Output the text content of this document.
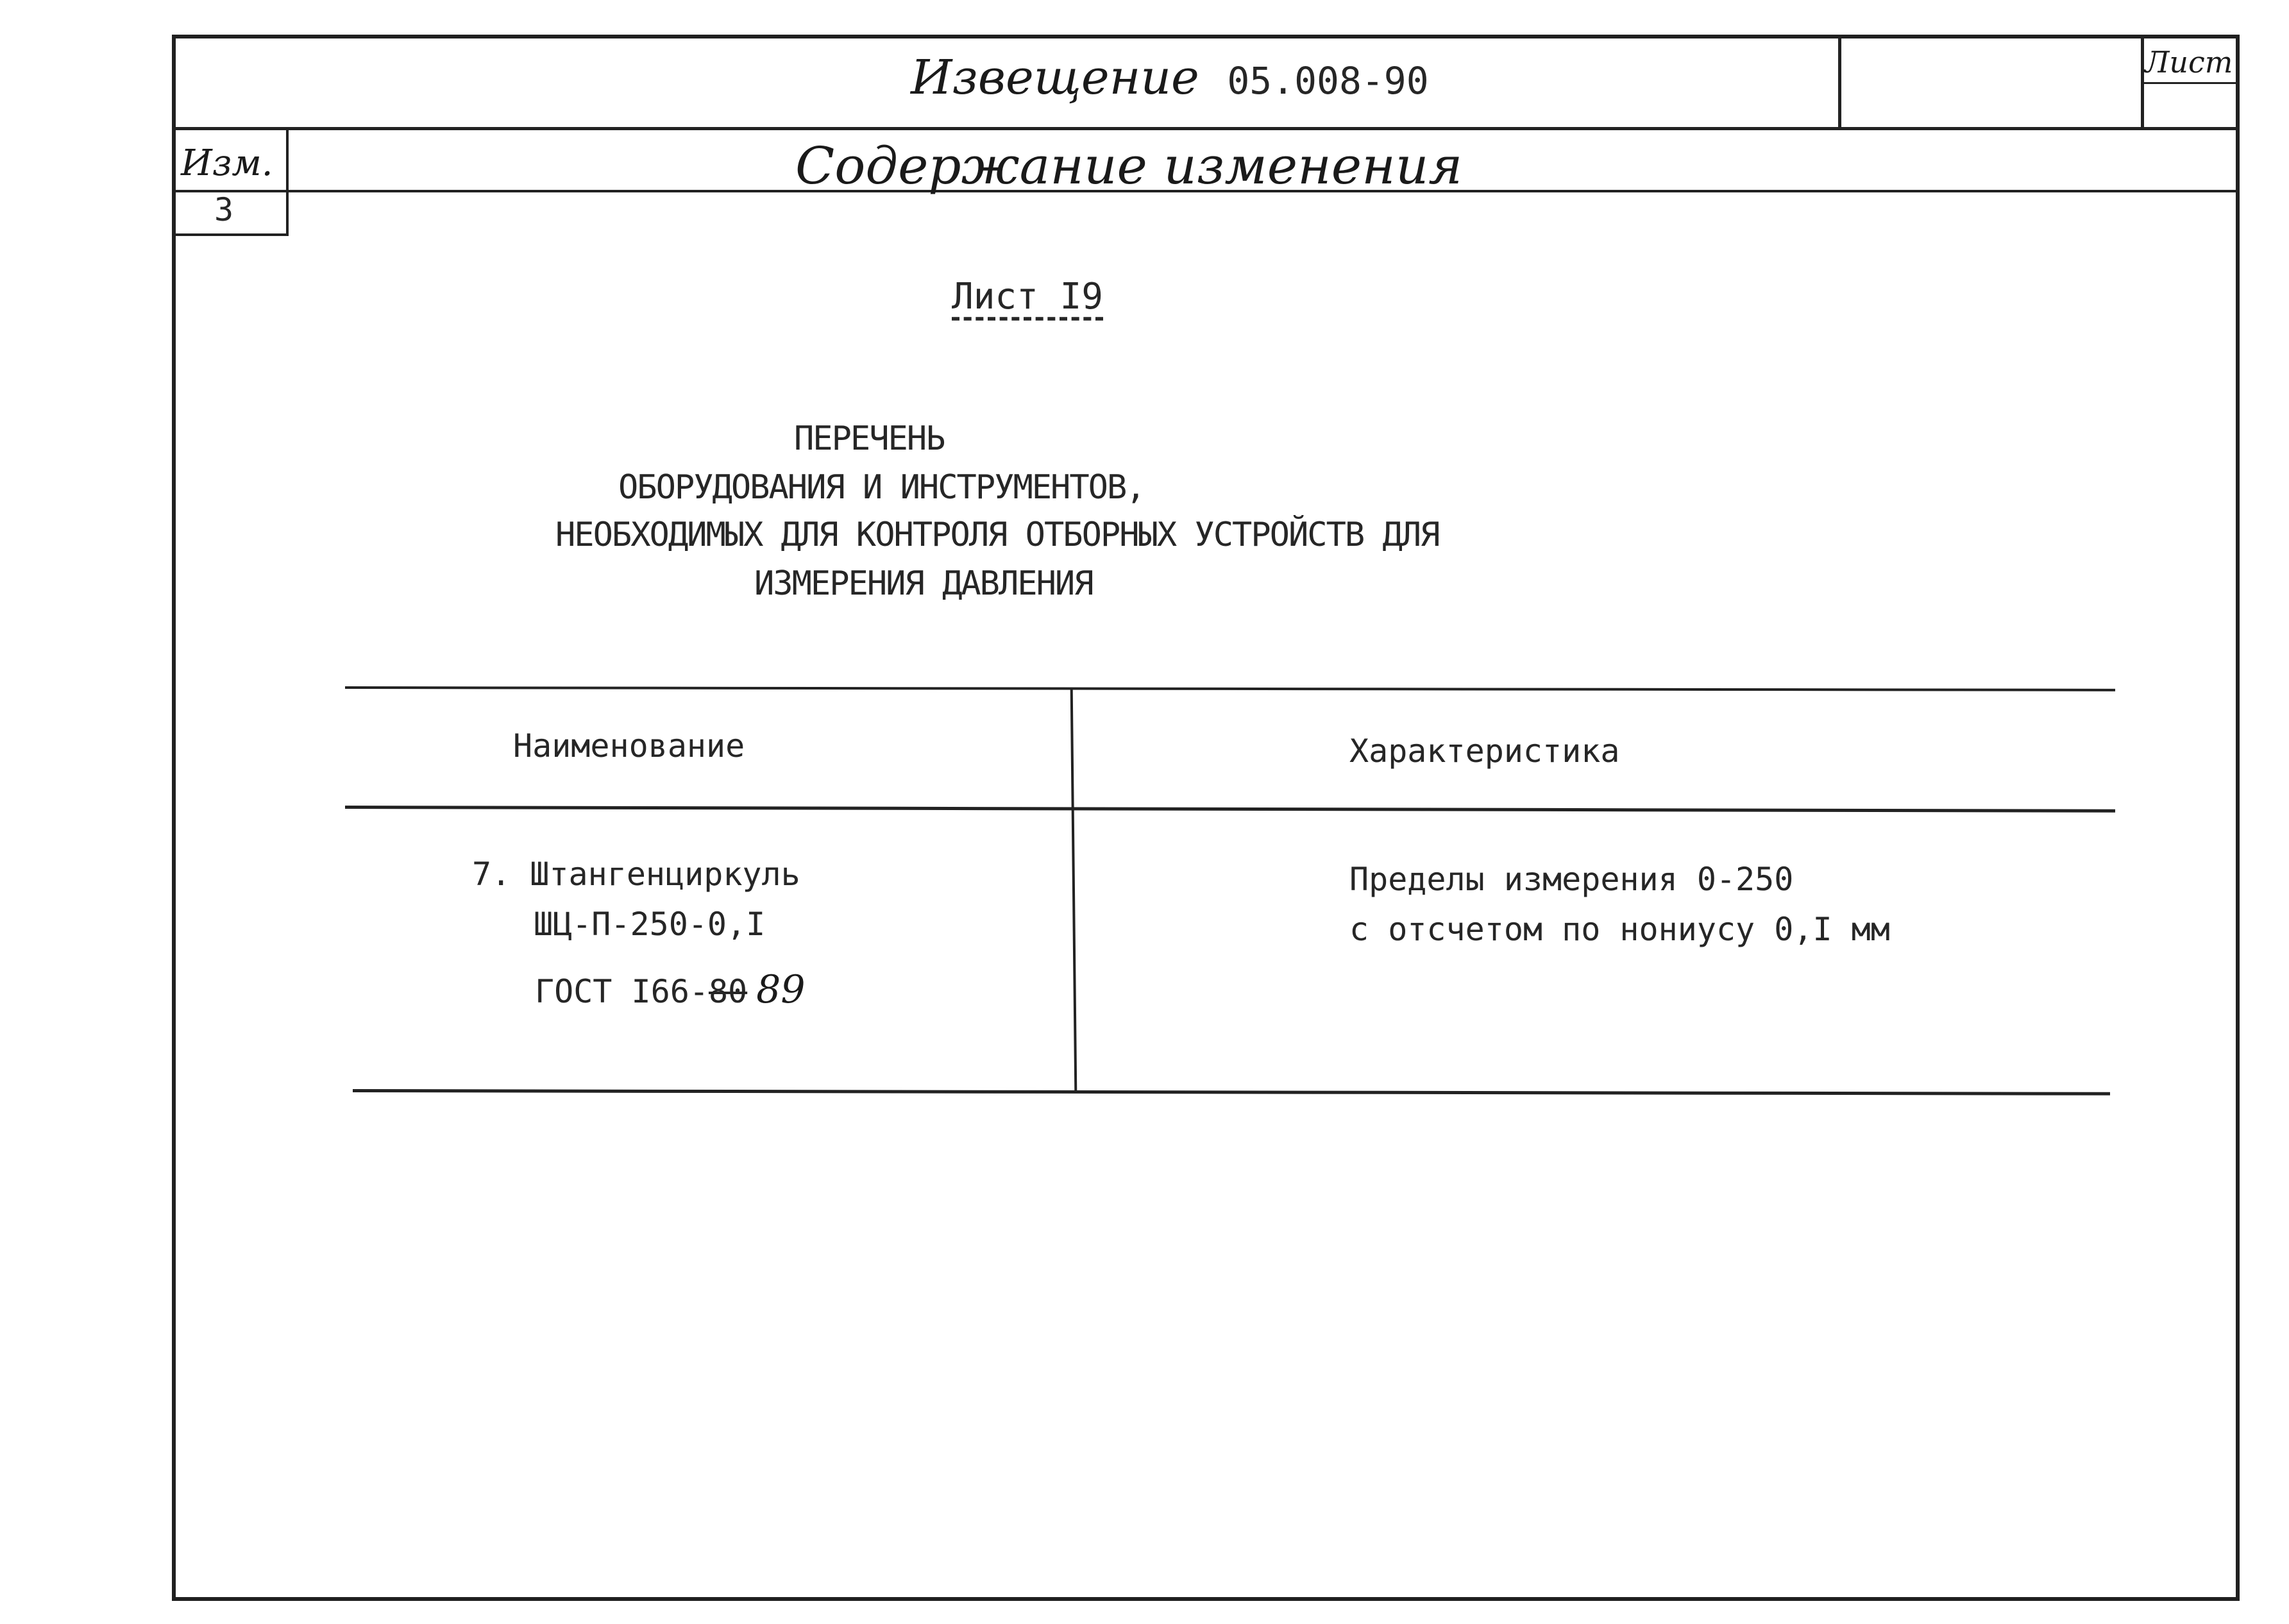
Извещение 05.008-90	Лист
Изм.
3
Содержание изменения
Лист I9
ПЕРЕЧЕНЬ
ОБОРУДОВАНИЯ И ИНСТРУМЕНТОВ,
НЕОБХОДИМЫХ ДЛЯ КОНТРОЛЯ ОТБОРНЫХ УСТРОЙСТВ ДЛЯ
ИЗМЕРЕНИЯ ДАВЛЕНИЯ
Наименование	Характеристика
7. Штангенциркуль
ШЦ-П-250-0,I
ГОСТ I66-80 89
Пределы измерения 0-250
с отсчетом по нониусу 0,I мм
